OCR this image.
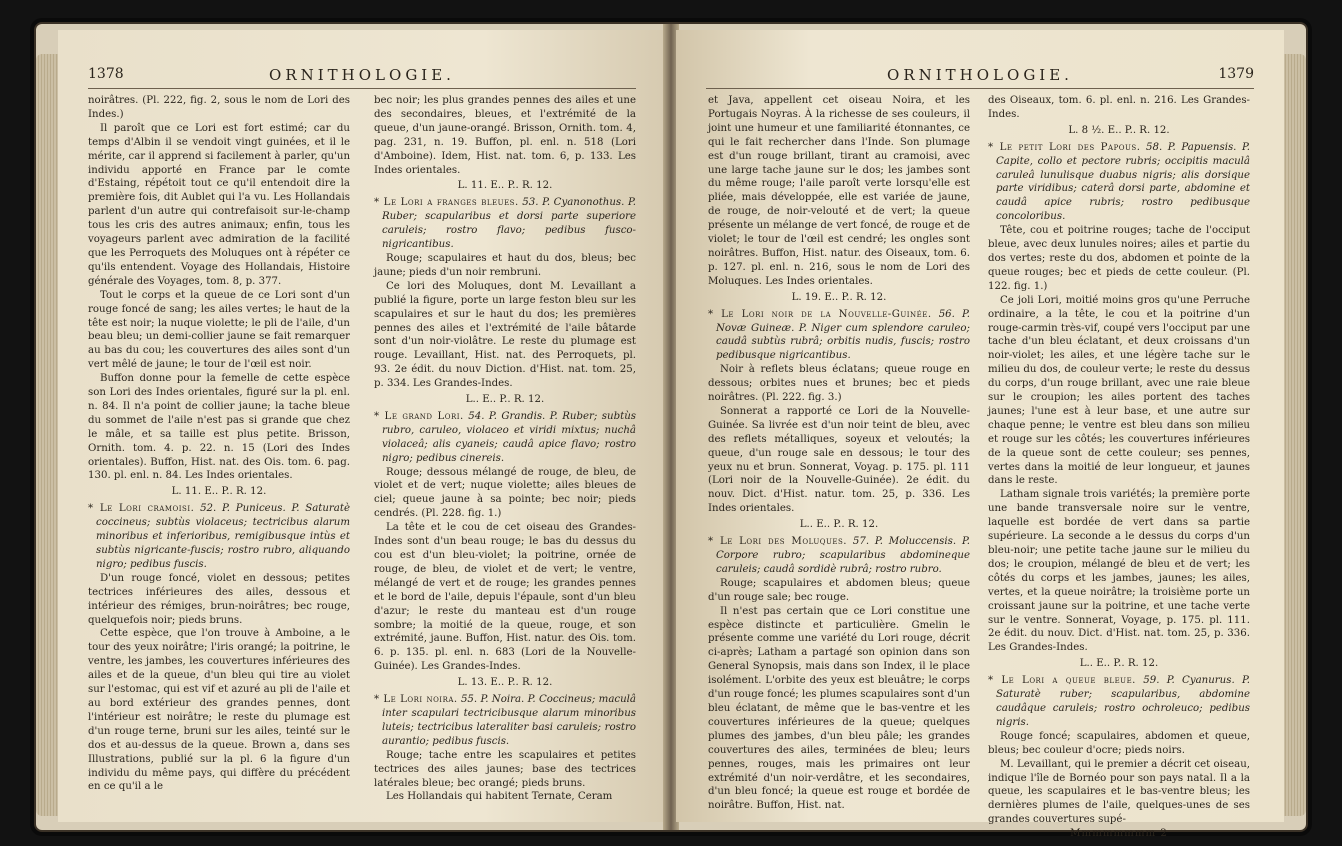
1378	ORNITHOLOGIE.

noirâtres. (Pl. 222, fig. 2, sous le nom de Lori des Indes.)

Il paroît que ce Lori est fort estimé; car du temps d'Albin il se vendoit vingt guinées, et il le mérite, car il apprend si facilement à parler, qu'un individu apporté en France par le comte d'Estaing, répétoit tout ce qu'il entendoit dire la première fois, dit Aublet qui l'a vu. Les Hollandais parlent d'un autre qui contrefaisoit sur-le-champ tous les cris des autres animaux; enfin, tous les voyageurs parlent avec admiration de la facilité que les Perroquets des Moluques ont à répéter ce qu'ils entendent. Voyage des Hollandais, Histoire générale des Voyages, tom. 8, p. 377.

Tout le corps et la queue de ce Lori sont d'un rouge foncé de sang; les ailes vertes; le haut de la tête est noir; la nuque violette; le pli de l'aile, d'un beau bleu; un demi-collier jaune se fait remarquer au bas du cou; les couvertures des ailes sont d'un vert mêlé de jaune; le tour de l'œil est noir.

Buffon donne pour la femelle de cette espèce son Lori des Indes orientales, figuré sur la pl. enl. n. 84. Il n'a point de collier jaune; la tache bleue du sommet de l'aile n'est pas si grande que chez le mâle, et sa taille est plus petite. Brisson, Ornith. tom. 4. p. 22. n. 15 (Lori des Indes orientales). Buffon, Hist. nat. des Ois. tom. 6. pag. 130. pl. enl. n. 84. Les Indes orientales.

L. 11. E.. P.. R. 12.

* Le Lori cramoisi. 52. P. Puniceus. P. Saturatè coccineus; subtùs violaceus; tectricibus alarum minoribus et inferioribus, remigibusque intùs et subtùs nigricante-fuscis; rostro rubro, aliquando nigro; pedibus fuscis.

D'un rouge foncé, violet en dessous; petites tectrices inférieures des ailes, dessous et intérieur des rémiges, brun-noirâtres; bec rouge, quelquefois noir; pieds bruns.

Cette espèce, que l'on trouve à Amboine, a le tour des yeux noirâtre; l'iris orangé; la poitrine, le ventre, les jambes, les couvertures inférieures des ailes et de la queue, d'un bleu qui tire au violet sur l'estomac, qui est vif et azuré au pli de l'aile et au bord extérieur des grandes pennes, dont l'intérieur est noirâtre; le reste du plumage est d'un rouge terne, bruni sur les ailes, teinté sur le dos et au-dessus de la queue. Brown a, dans ses Illustrations, publié sur la pl. 6 la figure d'un individu du même pays, qui diffère du précédent en ce qu'il a le

bec noir; les plus grandes pennes des ailes et une des secondaires, bleues, et l'extrémité de la queue, d'un jaune-orangé. Brisson, Ornith. tom. 4, pag. 231, n. 19. Buffon, pl. enl. n. 518 (Lori d'Amboine). Idem, Hist. nat. tom. 6, p. 133. Les Indes orientales.

L. 11. E.. P.. R. 12.

* Le Lori a franges bleues. 53. P. Cyanonothus. P. Ruber; scapularibus et dorsi parte superiore caruleis; rostro flavo; pedibus fusco-nigricantibus.

Rouge; scapulaires et haut du dos, bleus; bec jaune; pieds d'un noir rembruni.

Ce lori des Moluques, dont M. Levaillant a publié la figure, porte un large feston bleu sur les scapulaires et sur le haut du dos; les premières pennes des ailes et l'extrémité de l'aile bâtarde sont d'un noir-violâtre. Le reste du plumage est rouge. Levaillant, Hist. nat. des Perroquets, pl. 93. 2e édit. du nouv Diction. d'Hist. nat. tom. 25, p. 334. Les Grandes-Indes.

L.. E.. P.. R. 12.

* Le grand Lori. 54. P. Grandis. P. Ruber; subtùs rubro, caruleo, violaceo et viridi mixtus; nuchâ violaceâ; alis cyaneis; caudâ apice flavo; rostro nigro; pedibus cinereis.

Rouge; dessous mélangé de rouge, de bleu, de violet et de vert; nuque violette; ailes bleues de ciel; queue jaune à sa pointe; bec noir; pieds cendrés. (Pl. 228. fig. 1.)

La tête et le cou de cet oiseau des Grandes-Indes sont d'un beau rouge; le bas du dessus du cou est d'un bleu-violet; la poitrine, ornée de rouge, de bleu, de violet et de vert; le ventre, mélangé de vert et de rouge; les grandes pennes et le bord de l'aile, depuis l'épaule, sont d'un bleu d'azur; le reste du manteau est d'un rouge sombre; la moitié de la queue, rouge, et son extrémité, jaune. Buffon, Hist. natur. des Ois. tom. 6. p. 135. pl. enl. n. 683 (Lori de la Nouvelle-Guinée). Les Grandes-Indes.

L. 13. E.. P.. R. 12.

* Le Lori noira. 55. P. Noira. P. Coccineus; maculâ inter scapulari tectricibusque alarum minoribus luteis; tectricibus lateraliter basi caruleis; rostro aurantio; pedibus fuscis.

Rouge; tache entre les scapulaires et petites tectrices des ailes jaunes; base des tectrices latérales bleue; bec orangé; pieds bruns.

Les Hollandais qui habitent Ternate, Ceram

ORNITHOLOGIE.	1379

et Java, appellent cet oiseau Noira, et les Portugais Noyras. À la richesse de ses couleurs, il joint une humeur et une familiarité étonnantes, ce qui le fait rechercher dans l'Inde. Son plumage est d'un rouge brillant, tirant au cramoisi, avec une large tache jaune sur le dos; les jambes sont du même rouge; l'aile paroît verte lorsqu'elle est pliée, mais développée, elle est variée de jaune, de rouge, de noir-velouté et de vert; la queue présente un mélange de vert foncé, de rouge et de violet; le tour de l'œil est cendré; les ongles sont noirâtres. Buffon, Hist. natur. des Oiseaux, tom. 6. p. 127. pl. enl. n. 216, sous le nom de Lori des Moluques. Les Indes orientales.

L. 19. E.. P.. R. 12.

* Le Lori noir de la Nouvelle-Guinée. 56. P. Novæ Guineæ. P. Niger cum splendore caruleo; caudâ subtùs rubrâ; orbitis nudis, fuscis; rostro pedibusque nigricantibus.

Noir à reflets bleus éclatans; queue rouge en dessous; orbites nues et brunes; bec et pieds noirâtres. (Pl. 222. fig. 3.)

Sonnerat a rapporté ce Lori de la Nouvelle-Guinée. Sa livrée est d'un noir teint de bleu, avec des reflets métalliques, soyeux et veloutés; la queue, d'un rouge sale en dessous; le tour des yeux nu et brun. Sonnerat, Voyag. p. 175. pl. 111 (Lori noir de la Nouvelle-Guinée). 2e édit. du nouv. Dict. d'Hist. natur. tom. 25, p. 336. Les Indes orientales.

L.. E.. P.. R. 12.

* Le Lori des Moluques. 57. P. Moluccensis. P. Corpore rubro; scapularibus abdomineque caruleis; caudâ sordidè rubrâ; rostro rubro.

Rouge; scapulaires et abdomen bleus; queue d'un rouge sale; bec rouge.

Il n'est pas certain que ce Lori constitue une espèce distincte et particulière. Gmelin le présente comme une variété du Lori rouge, décrit ci-après; Latham a partagé son opinion dans son General Synopsis, mais dans son Index, il le place isolément. L'orbite des yeux est bleuâtre; le corps d'un rouge foncé; les plumes scapulaires sont d'un bleu éclatant, de même que le bas-ventre et les couvertures inférieures de la queue; quelques plumes des jambes, d'un bleu pâle; les grandes couvertures des ailes, terminées de bleu; leurs pennes, rouges, mais les primaires ont leur extrémité d'un noir-verdâtre, et les secondaires, d'un bleu foncé; la queue est rouge et bordée de noirâtre. Buffon, Hist. nat.

des Oiseaux, tom. 6. pl. enl. n. 216. Les Grandes-Indes.

L. 8 ½. E.. P.. R. 12.

* Le petit Lori des Papous. 58. P. Papuensis. P. Capite, collo et pectore rubris; occipitis maculâ caruleâ lunulisque duabus nigris; alis dorsique parte viridibus; caterâ dorsi parte, abdomine et caudâ apice rubris; rostro pedibusque concoloribus.

Tête, cou et poitrine rouges; tache de l'occiput bleue, avec deux lunules noires; ailes et partie du dos vertes; reste du dos, abdomen et pointe de la queue rouges; bec et pieds de cette couleur. (Pl. 122. fig. 1.)

Ce joli Lori, moitié moins gros qu'une Perruche ordinaire, a la tête, le cou et la poitrine d'un rouge-carmin très-vif, coupé vers l'occiput par une tache d'un bleu éclatant, et deux croissans d'un noir-violet; les ailes, et une légère tache sur le milieu du dos, de couleur verte; le reste du dessus du corps, d'un rouge brillant, avec une raie bleue sur le croupion; les ailes portent des taches jaunes; l'une est à leur base, et une autre sur chaque penne; le ventre est bleu dans son milieu et rouge sur les côtés; les couvertures inférieures de la queue sont de cette couleur; ses pennes, vertes dans la moitié de leur longueur, et jaunes dans le reste.

Latham signale trois variétés; la première porte une bande transversale noire sur le ventre, laquelle est bordée de vert dans sa partie supérieure. La seconde a le dessus du corps d'un bleu-noir; une petite tache jaune sur le milieu du dos; le croupion, mélangé de bleu et de vert; les côtés du corps et les jambes, jaunes; les ailes, vertes, et la queue noirâtre; la troisième porte un croissant jaune sur la poitrine, et une tache verte sur le ventre. Sonnerat, Voyage, p. 175. pl. 111. 2e édit. du nouv. Dict. d'Hist. nat. tom. 25, p. 336. Les Grandes-Indes.

L.. E.. P.. R. 12.

* Le Lori a queue bleue. 59. P. Cyanurus. P. Saturatè ruber; scapularibus, abdomine caudâque caruleis; rostro ochroleuco; pedibus nigris.

Rouge foncé; scapulaires, abdomen et queue, bleus; bec couleur d'ocre; pieds noirs.

M. Levaillant, qui le premier a décrit cet oiseau, indique l'île de Bornéo pour son pays natal. Il a la queue, les scapulaires et le bas-ventre bleus; les dernières plumes de l'aile, quelques-unes de ses grandes couvertures supé-

Mmmmmmmm 2
